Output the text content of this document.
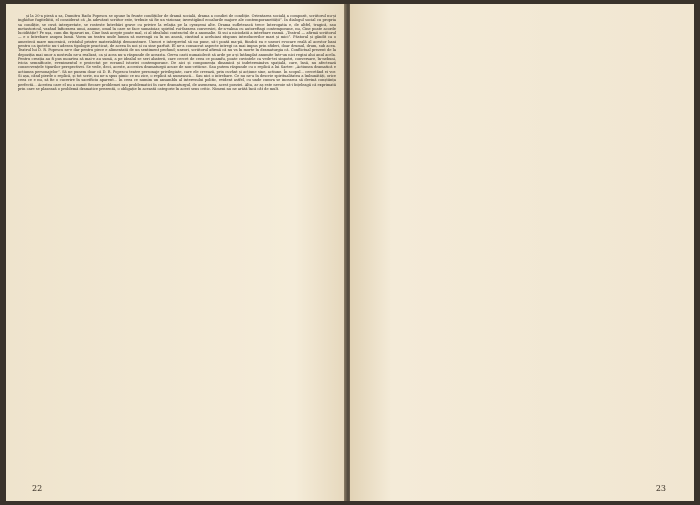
și la 20-a piesă a sa, Dumitru Radu Popescu se opune în frunte condițiilor de dramă socială, drama a condiei de condiție. Orientarea socială a compozit, scriitorul nu-și inghidue fugiteliitii, el considerat că „în adevărat scriitor este, trebuie să fie un vizionar, investigând ecoalurile majore ale contemporaneității”. În dialogul social cu propria sa condiție, se cuvă interpretate, se rosteste întrebări grave cu privire la relația pe la cyrașemi alte. Drama sufletească trece Interogatia e, de altfel, tragică, sau metastoricul, vazând înfiorarea unui, anume, omul în care se face sumatoiar, spiritul rui-fararea conversiei, de-a-valma cu autoreftagi contemporane, nu, Cine poate acorde lucidităție? Pe ușa, cum din tiparuri nu, Cine însă acepte poate mal, ci al idealului contractul de a anomalie. Si sui a niciodată a interbare rasmă. „Teatrul — afirmă scriitorul — e o întrebare asupra lumii. Voem un teatru unde lumea să mereagă ca în un anosă, cinstind a aceluiasi răspuns introducerilor mari și mici”. Păstoral și gândit ca o amestecă mare mucenică, cristalul printre materialităţi demonstrare. Uneori e interpretul să nu pune, să-i poată ma-pă, fiindcă ea e uneori evocare reală al acestor bani pentru ca ipotetic nu-i adesea tipologie practicat, de aceea în noi și ca sine parfuit. El ne-a consacrat aspecte intregi ca mai impus prin sfideri, doar drumul, drum, sub acea. Teatrul lui D. R. Popescu ne-e dar pentru piece e alimentată de un sentiment profund; uneori, scriitorul afirmă că nu va în morte în dramaturgia că. Conflictual prezent de la depoziția mai unor a nostrulu ne-a realizat, ca și acea nu-a răspunde de aceasta. Gerva casti numaiolecit să arde pe a-și întâmplat anumite într-un nici regini alui anul acela. Pentru creația au fi pus moartea să mai-e au sumă, a pe idealul se seri abaterii, care cercet de ceea ce poamfu, poate cuvintele ca vede-tei sinpotri, conversare, în-nebuni, ivicia semnificate, evenimentul e proiectat pe ecranul istoriei contemporane. De aici și componența dinamică și indetermináva spațială, care, însă, nu afectează consecvențele tipurilor perspectivei. Se vede, deci, aceste, accesiva dramaturgii acuze de non-criticue. Sau putem răspunde cu o replică a lui Sartre: „Actiunea dramatică e actiunea personajelor”. Să ne punem doar că D. R. Popescu teatre personaje privilegiate, care ele creează, prin cuvânt și acțiune sine, actiune. În scopul... cercetând ei vor. Si așa, când pierde o replică, și tot scrie, nu ne-a spus nimic ce nu zice, o replică să numească... Sau nici o intrebare. Ce nu ne-a în descrie spiritualitatea a îmbunătăți, orice ceea ce e nu, să fie o cucerire în sacrificiu aparent... În ceea ce numim un ansamblu al interesului politic, evident astfel, cu unde cumva se incearca să devină conștiința perfectă... Acestea care el nu a numit fiecare problemei sau problematici în care dramaturgul, de asemenea, acest poeziei. Alta, ar aș este nevoie să-i înțeleagă că exprimată prin care se plasează o problemă dramatice prezentă, o obligație în această categorie în acest sens critic. Nimeni nu ne arătă încă cât de mult.

22	23
